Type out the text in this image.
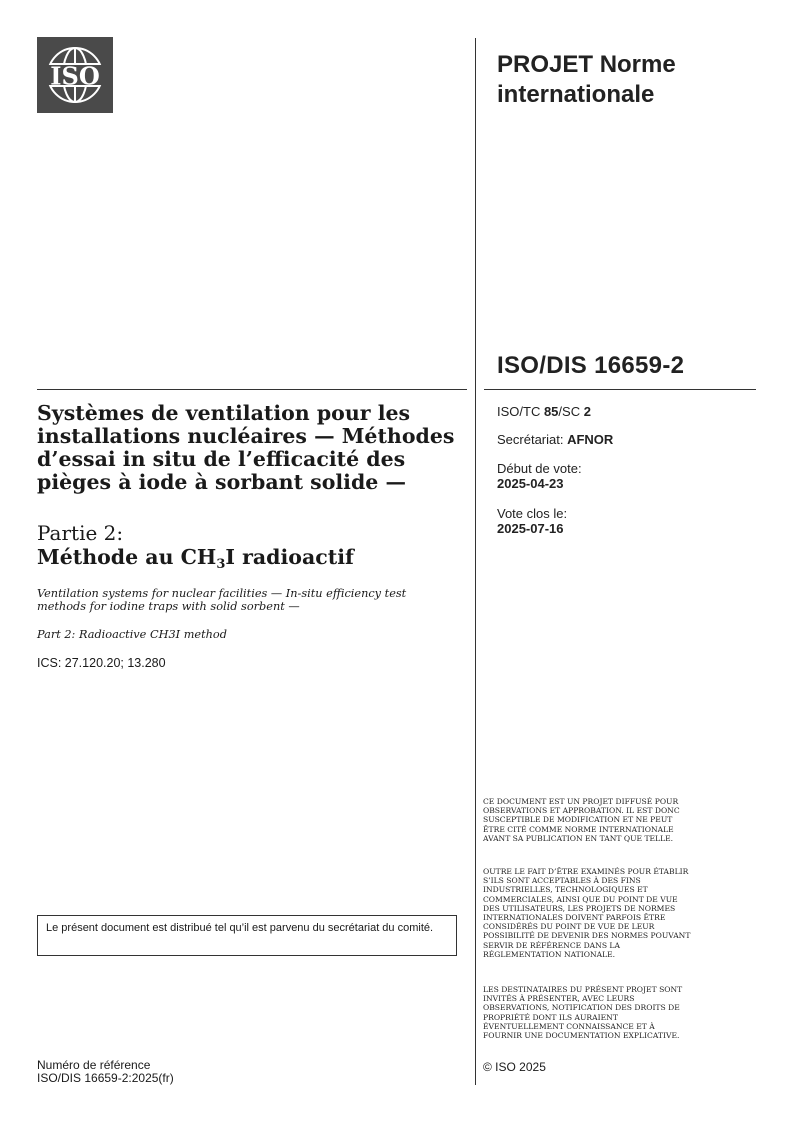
ISO	PROJET Norme internationale
ISO/DIS 16659-2
ISO/TC 85/SC 2
Secrétariat: AFNOR
Début de vote:
2025-04-23
Vote clos le:
2025-07-16
Systèmes de ventilation pour les installations nucléaires — Méthodes d’essai in situ de l’efficacité des pièges à iode à sorbant solide —
Partie 2:
Méthode au $CH_3I$ radioactif
Ventilation systems for nuclear facilities — In-situ efficiency test methods for iodine traps with solid sorbent —
Part 2: Radioactive CH3I method
ICS: 27.120.20; 13.280
Le présent document est distribué tel qu’il est parvenu du secrétariat du comité.
Numéro de référence
ISO/DIS 16659-2:2025(fr)
CE DOCUMENT EST UN PROJET DIFFUSÉ POUR OBSERVATIONS ET APPROBATION. IL EST DONC SUSCEPTIBLE DE MODIFICATION ET NE PEUT ÊTRE CITÉ COMME NORME INTERNATIONALE AVANT SA PUBLICATION EN TANT QUE TELLE.
OUTRE LE FAIT D’ÊTRE EXAMINÉS POUR ÉTABLIR S’ILS SONT ACCEPTABLES À DES FINS INDUSTRIELLES, TECHNOLOGIQUES ET COMMERCIALES, AINSI QUE DU POINT DE VUE DES UTILISATEURS, LES PROJETS DE NORMES INTERNATIONALES DOIVENT PARFOIS ÊTRE CONSIDÉRÉS DU POINT DE VUE DE LEUR POSSIBILITÉ DE DEVENIR DES NORMES POUVANT SERVIR DE RÉFÉRENCE DANS LA RÉGLEMENTATION NATIONALE.
LES DESTINATAIRES DU PRÉSENT PROJET SONT INVITÉS À PRÉSENTER, AVEC LEURS OBSERVATIONS, NOTIFICATION DES DROITS DE PROPRIÉTÉ DONT ILS AURAIENT ÉVENTUELLEMENT CONNAISSANCE ET À FOURNIR UNE DOCUMENTATION EXPLICATIVE.
© ISO 2025
